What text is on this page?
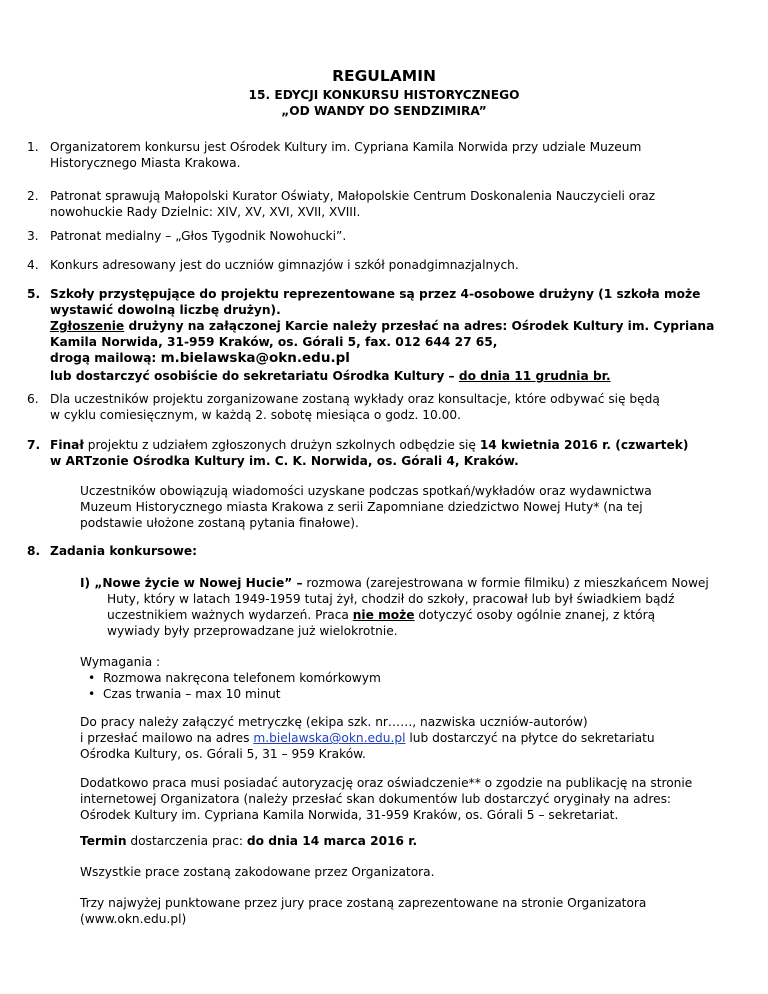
REGULAMIN
15. EDYCJI KONKURSU HISTORYCZNEGO
„OD WANDY DO SENDZIMIRA”
1. Organizatorem konkursu jest Ośrodek Kultury im. Cypriana Kamila Norwida przy udziale Muzeum
Historycznego Miasta Krakowa.
2. Patronat sprawują Małopolski Kurator Oświaty, Małopolskie Centrum Doskonalenia Nauczycieli oraz
nowohuckie Rady Dzielnic: XIV, XV, XVI, XVII, XVIII.
3. Patronat medialny – „Głos Tygodnik Nowohucki”.
4. Konkurs adresowany jest do uczniów gimnazjów i szkół ponadgimnazjalnych.
5. Szkoły przystępujące do projektu reprezentowane są przez 4-osobowe drużyny (1 szkoła może
wystawić dowolną liczbę drużyn).
Zgłoszenie drużyny na załączonej Karcie należy przesłać na adres: Ośrodek Kultury im. Cypriana
Kamila Norwida, 31-959 Kraków, os. Górali 5, fax. 012 644 27 65,
drogą mailową: m.bielawska@okn.edu.pl
lub dostarczyć osobiście do sekretariatu Ośrodka Kultury – do dnia 11 grudnia br.
6. Dla uczestników projektu zorganizowane zostaną wykłady oraz konsultacje, które odbywać się będą
w cyklu comiesięcznym, w każdą 2. sobotę miesiąca o godz. 10.00.
7. Finał projektu z udziałem zgłoszonych drużyn szkolnych odbędzie się 14 kwietnia 2016 r. (czwartek)
w ARTzonie Ośrodka Kultury im. C. K. Norwida, os. Górali 4, Kraków.
Uczestników obowiązują wiadomości uzyskane podczas spotkań/wykładów oraz wydawnictwa
Muzeum Historycznego miasta Krakowa z serii Zapomniane dziedzictwo Nowej Huty* (na tej
podstawie ułożone zostaną pytania finałowe).
8. Zadania konkursowe:
I) „Nowe życie w Nowej Hucie” – rozmowa (zarejestrowana w formie filmiku) z mieszkańcem Nowej
Huty, który w latach 1949-1959 tutaj żył, chodził do szkoły, pracował lub był świadkiem bądź
uczestnikiem ważnych wydarzeń. Praca nie może dotyczyć osoby ogólnie znanej, z którą
wywiady były przeprowadzane już wielokrotnie.
Wymagania :
• Rozmowa nakręcona telefonem komórkowym
• Czas trwania – max 10 minut
Do pracy należy załączyć metryczkę (ekipa szk. nr……, nazwiska uczniów-autorów)
i przesłać mailowo na adres m.bielawska@okn.edu.pl lub dostarczyć na płytce do sekretariatu
Ośrodka Kultury, os. Górali 5, 31 – 959 Kraków.
Dodatkowo praca musi posiadać autoryzację oraz oświadczenie** o zgodzie na publikację na stronie
internetowej Organizatora (należy przesłać skan dokumentów lub dostarczyć oryginały na adres:
Ośrodek Kultury im. Cypriana Kamila Norwida, 31-959 Kraków, os. Górali 5 – sekretariat.
Termin dostarczenia prac: do dnia 14 marca 2016 r.
Wszystkie prace zostaną zakodowane przez Organizatora.
Trzy najwyżej punktowane przez jury prace zostaną zaprezentowane na stronie Organizatora
(www.okn.edu.pl)
